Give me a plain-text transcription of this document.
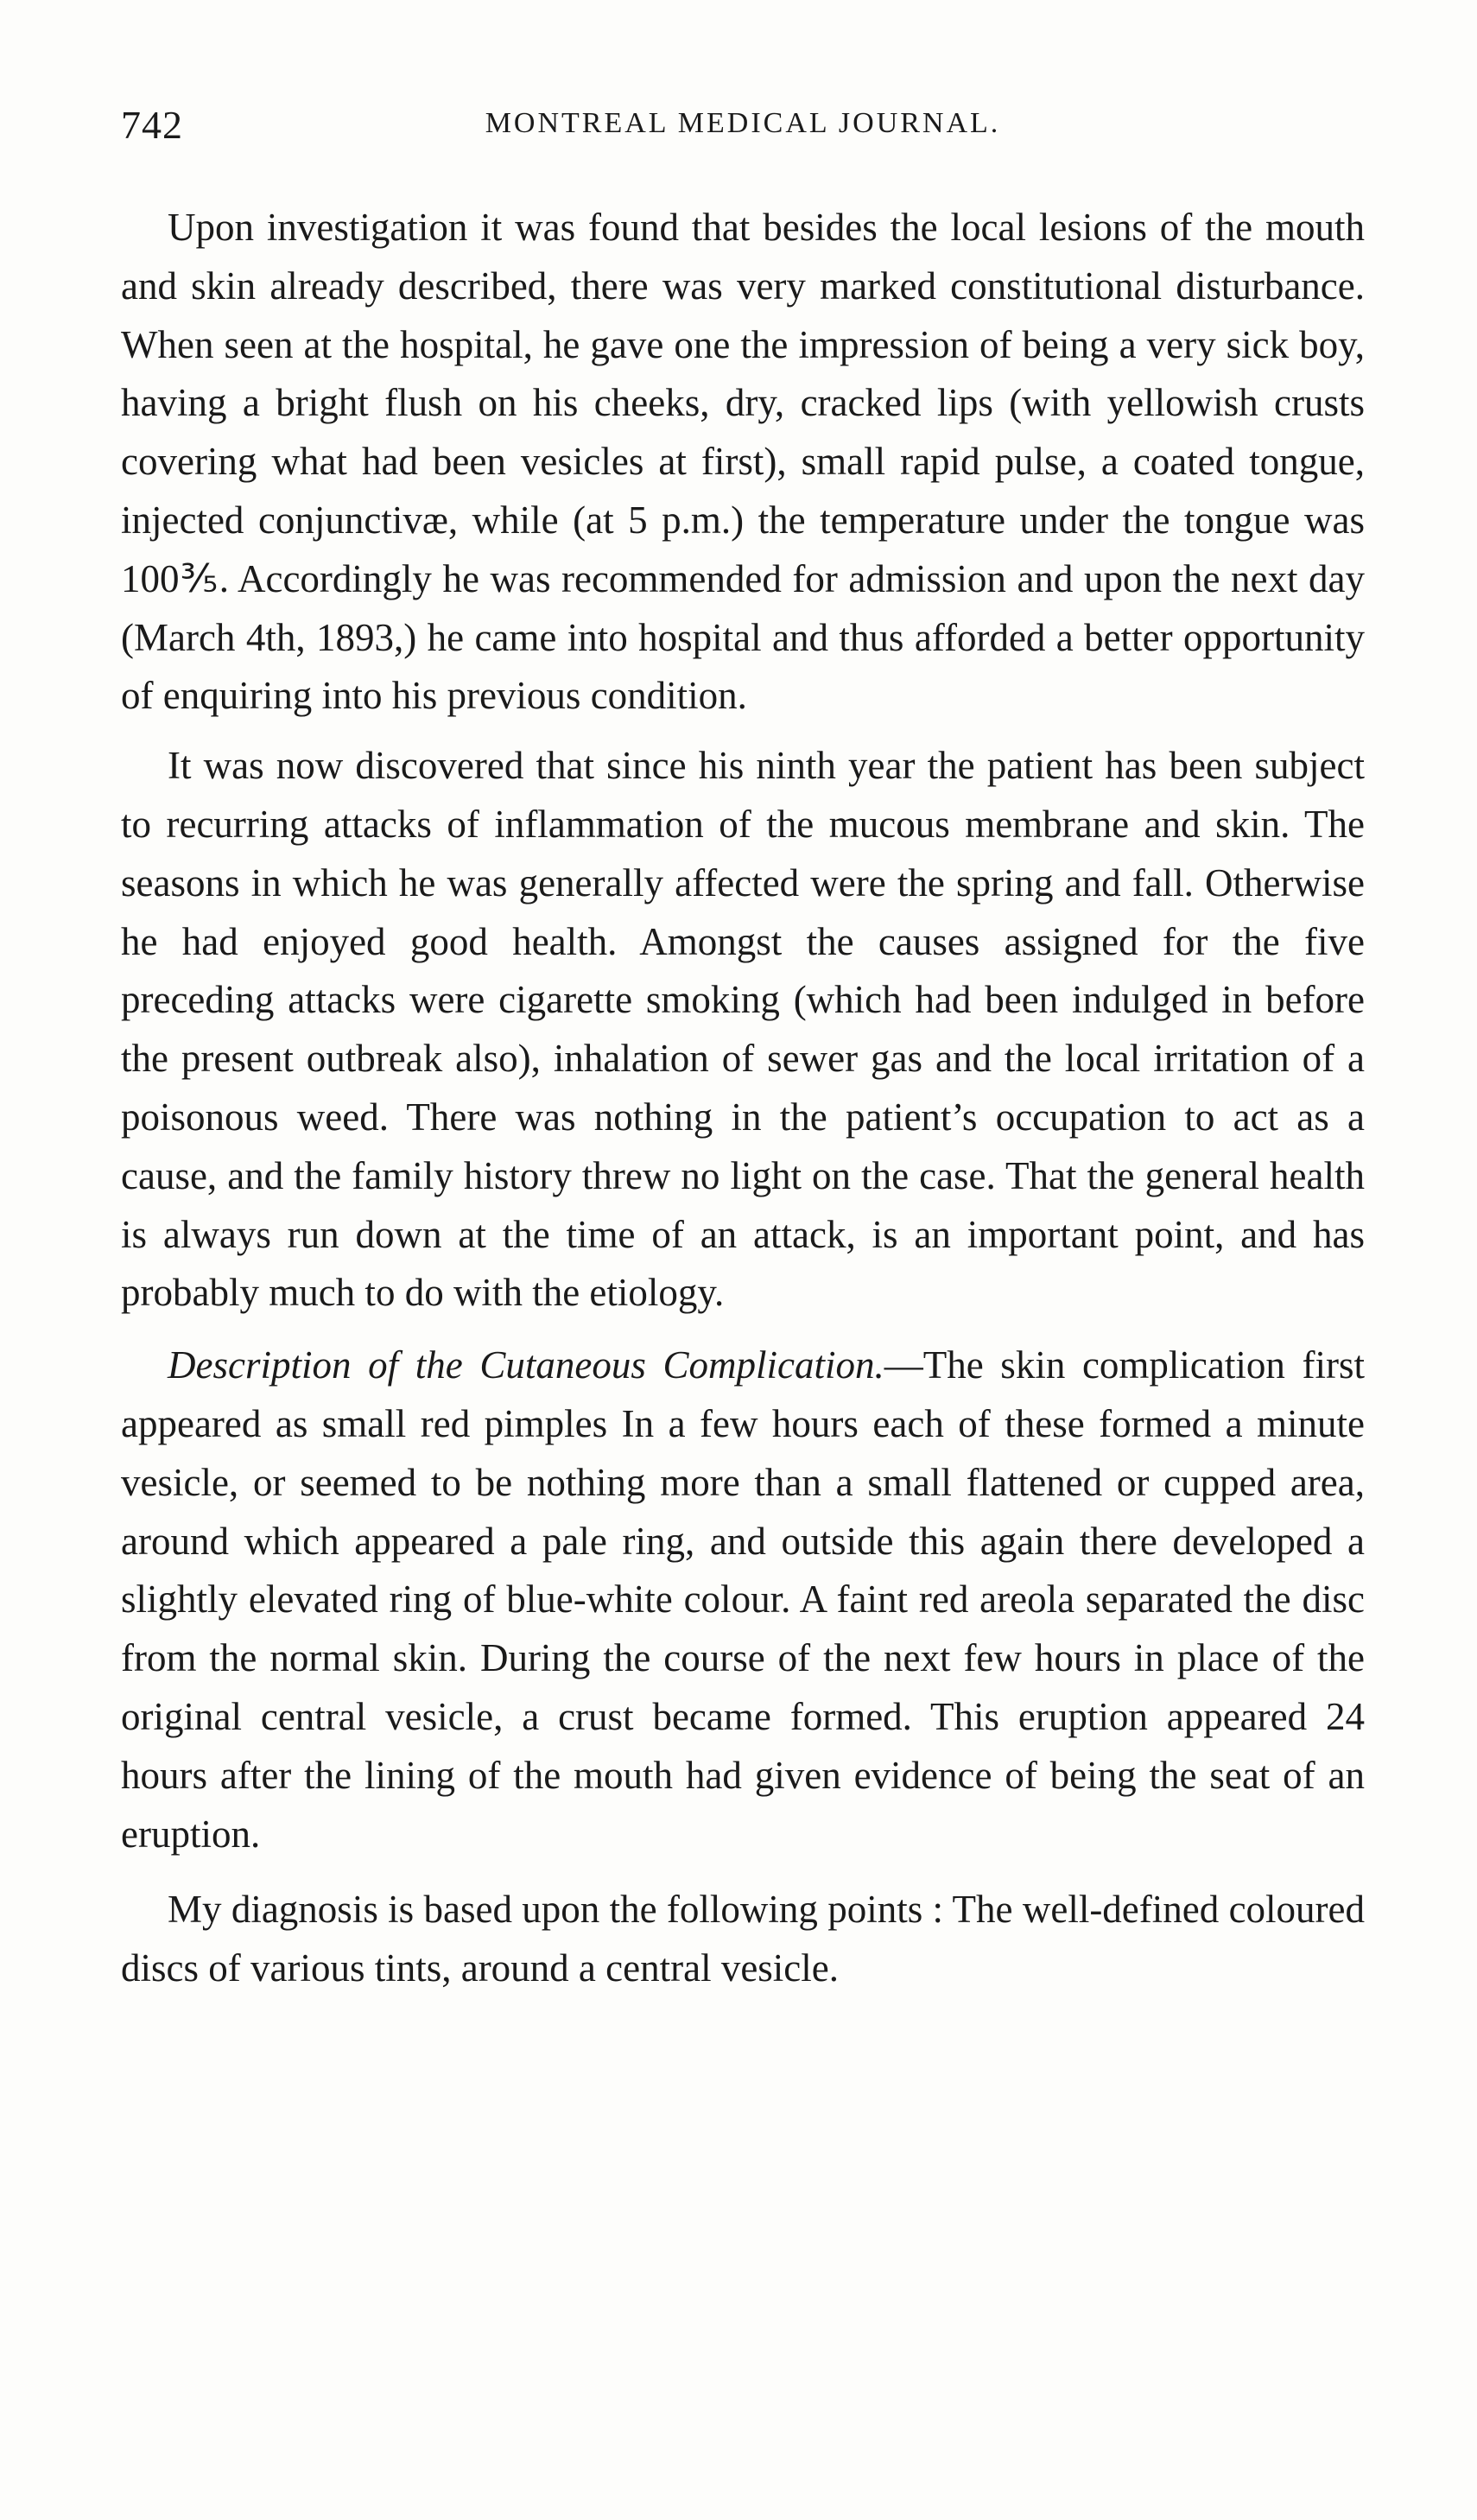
742	MONTREAL MEDICAL JOURNAL.

Upon investigation it was found that besides the local lesions of the mouth and skin already described, there was very marked constitutional disturbance. When seen at the hospital, he gave one the impression of being a very sick boy, having a bright flush on his cheeks, dry, cracked lips (with yellowish crusts covering what had been vesicles at first), small rapid pulse, a coated tongue, injected conjunctivæ, while (at 5 p.m.) the temperature under the tongue was 100⅗. Accordingly he was recommended for admission and upon the next day (March 4th, 1893,) he came into hospital and thus afforded a better opportunity of enquiring into his previous condition.

It was now discovered that since his ninth year the patient has been subject to recurring attacks of inflammation of the mucous membrane and skin. The seasons in which he was generally affected were the spring and fall. Otherwise he had enjoyed good health. Amongst the causes assigned for the five preceding attacks were cigarette smoking (which had been indulged in before the present outbreak also), inhalation of sewer gas and the local irritation of a poisonous weed. There was nothing in the patient’s occupation to act as a cause, and the family history threw no light on the case. That the general health is always run down at the time of an attack, is an important point, and has probably much to do with the etiology.

Description of the Cutaneous Complication.—The skin complication first appeared as small red pimples In a few hours each of these formed a minute vesicle, or seemed to be nothing more than a small flattened or cupped area, around which appeared a pale ring, and outside this again there developed a slightly elevated ring of blue-white colour. A faint red areola separated the disc from the normal skin. During the course of the next few hours in place of the original central vesicle, a crust became formed. This eruption appeared 24 hours after the lining of the mouth had given evidence of being the seat of an eruption.

My diagnosis is based upon the following points : The well-defined coloured discs of various tints, around a central vesicle.
